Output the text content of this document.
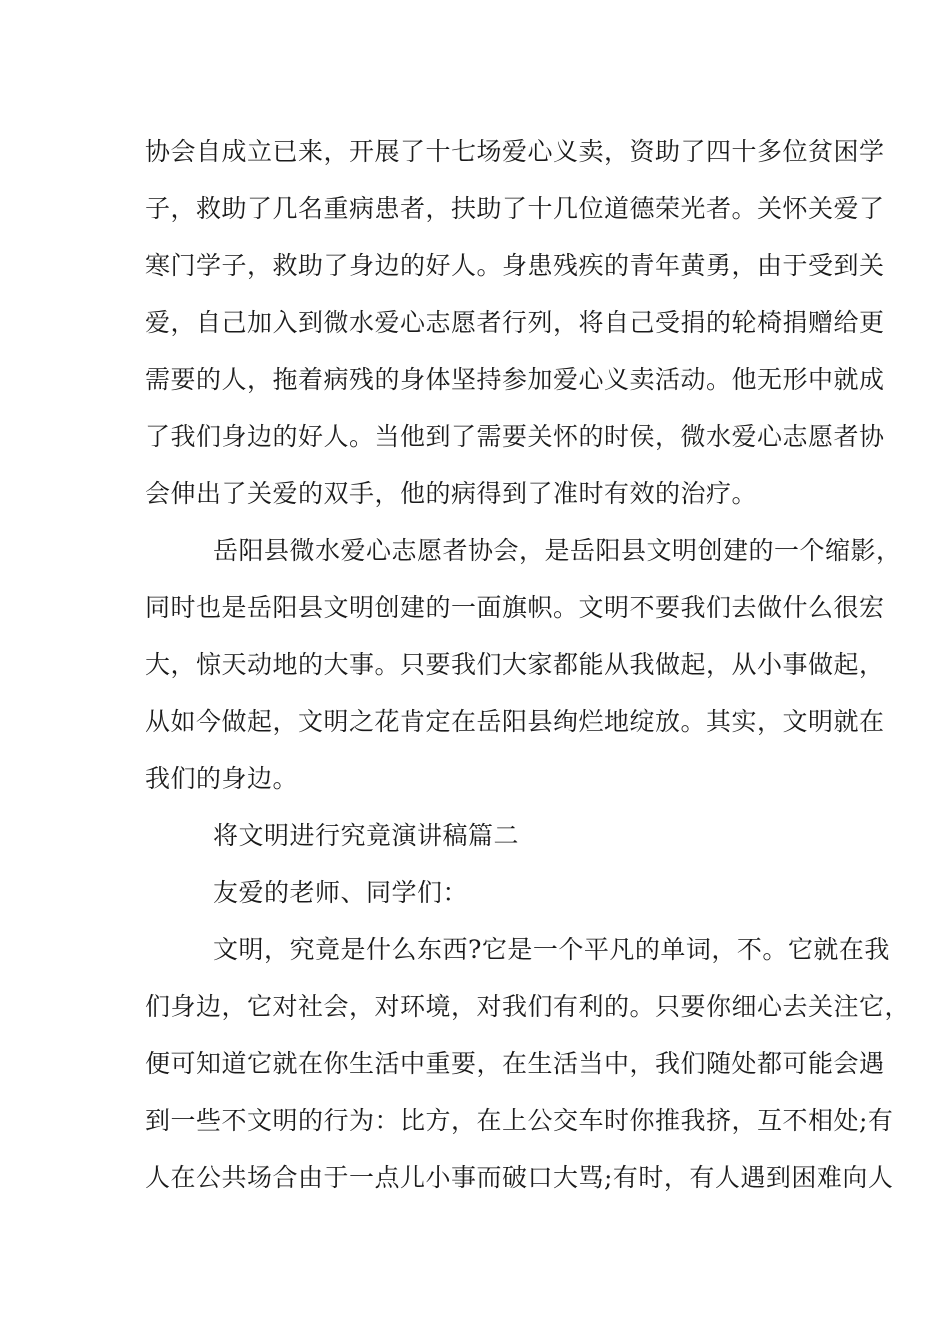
协会自成立已来，开展了十七场爱心义卖，资助了四十多位贫困学
子，救助了几名重病患者，扶助了十几位道德荣光者。关怀关爱了
寒门学子，救助了身边的好人。身患残疾的青年黄勇，由于受到关
爱，自己加入到微水爱心志愿者行列，将自己受捐的轮椅捐赠给更
需要的人，拖着病残的身体坚持参加爱心义卖活动。他无形中就成
了我们身边的好人。当他到了需要关怀的时侯，微水爱心志愿者协
会伸出了关爱的双手，他的病得到了准时有效的治疗。
岳阳县微水爱心志愿者协会，是岳阳县文明创建的一个缩影，
同时也是岳阳县文明创建的一面旗帜。文明不要我们去做什么很宏
大，惊天动地的大事。只要我们大家都能从我做起，从小事做起，
从如今做起，文明之花肯定在岳阳县绚烂地绽放。其实，文明就在
我们的身边。
将文明进行究竟演讲稿篇二
友爱的老师、同学们：
文明，究竟是什么东西?它是一个平凡的单词，不。它就在我
们身边，它对社会，对环境，对我们有利的。只要你细心去关注它，
便可知道它就在你生活中重要，在生活当中，我们随处都可能会遇
到一些不文明的行为：比方，在上公交车时你推我挤，互不相处;有
人在公共场合由于一点儿小事而破口大骂;有时，有人遇到困难向人
